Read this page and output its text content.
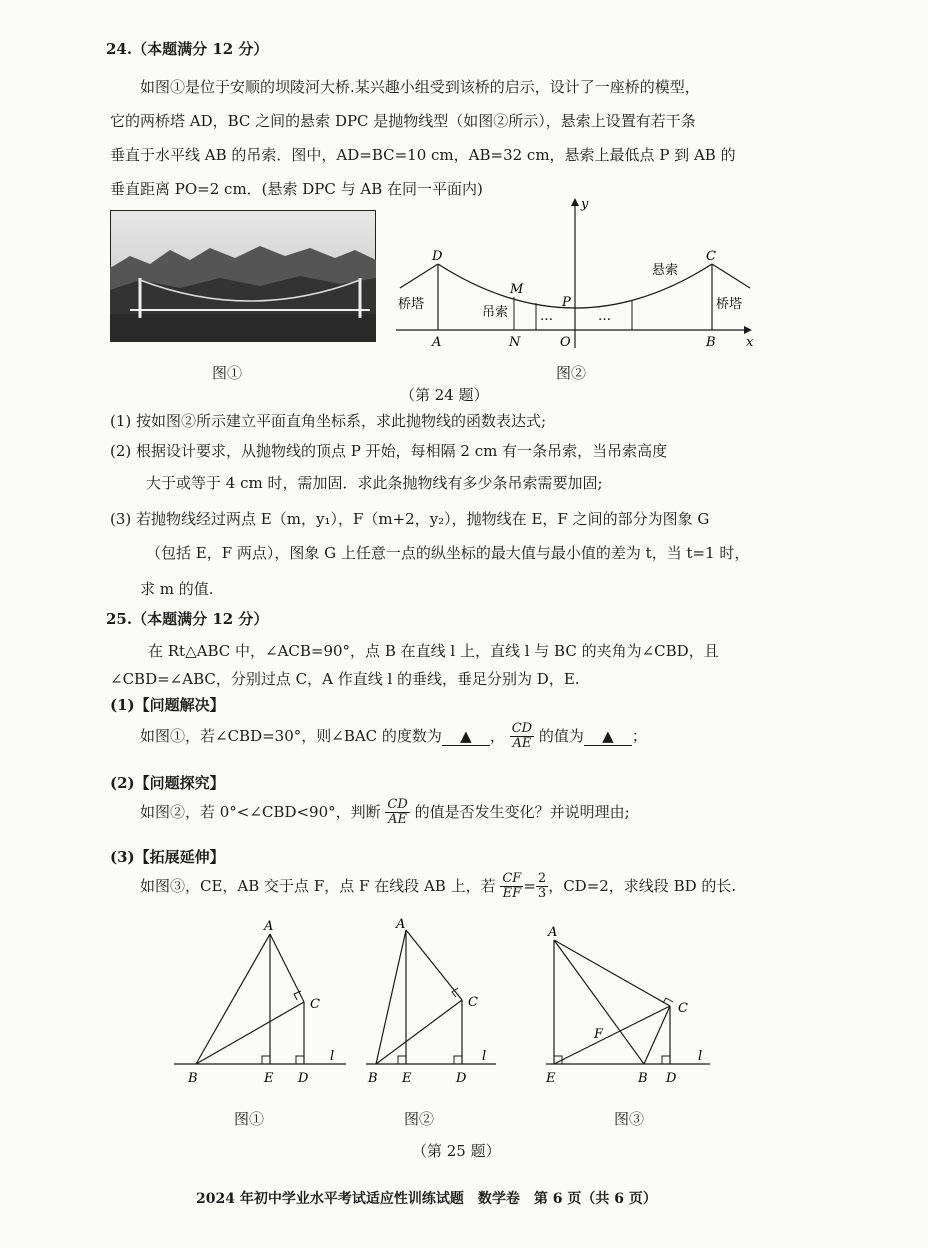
24.（本题满分 12 分）
如图①是位于安顺的坝陵河大桥.某兴趣小组受到该桥的启示，设计了一座桥的模型，
它的两桥塔 AD，BC 之间的悬索 DPC 是抛物线型（如图②所示），悬索上设置有若干条
垂直于水平线 AB 的吊索．图中，AD=BC=10 cm，AB=32 cm，悬索上最低点 P 到 AB 的
垂直距离 PO=2 cm．(悬索 DPC 与 AB 在同一平面内)
图①
D	C
M
P
A	N	O	B x
y
桥塔	桥塔
悬索
吊索 …	…
图②
（第 24 题）
(1) 按如图②所示建立平面直角坐标系，求此抛物线的函数表达式;
(2) 根据设计要求，从抛物线的顶点 P 开始，每相隔 2 cm 有一条吊索，当吊索高度
大于或等于 4 cm 时，需加固．求此条抛物线有多少条吊索需要加固;
(3) 若抛物线经过两点 E（m，y₁），F（m+2，y₂），抛物线在 E，F 之间的部分为图象 G
（包括 E，F 两点），图象 G 上任意一点的纵坐标的最大值与最小值的差为 t，当 t=1 时，
求 m 的值.
25.（本题满分 12 分）
在 Rt△ABC 中，∠ACB=90°，点 B 在直线 l 上，直线 l 与 BC 的夹角为∠CBD，且
∠CBD=∠ABC，分别过点 C，A 作直线 l 的垂线，垂足分别为 D，E.
(1)【问题解决】
如图①，若∠CBD=30°，则∠BAC 的度数为 ▲ ， $\frac{CD}{AE}$ 的值为 ▲ ；
(2)【问题探究】
如图②，若 0°<∠CBD<90°，判断 $\frac{CD}{AE}$ 的值是否发生变化？并说明理由;
(3)【拓展延伸】
如图③，CE，AB 交于点 F，点 F 在线段 AB 上，若 $\frac{CF}{EF} = \frac{2}{3}$ ，CD=2，求线段 BD 的长.
A
C
B	E D
l
A
C
B E	D
l
A
C
F
E	B D
l
图①	图②	图③
（第 25 题）
2024 年初中学业水平考试适应性训练试题　数学卷　第 6 页（共 6 页）
